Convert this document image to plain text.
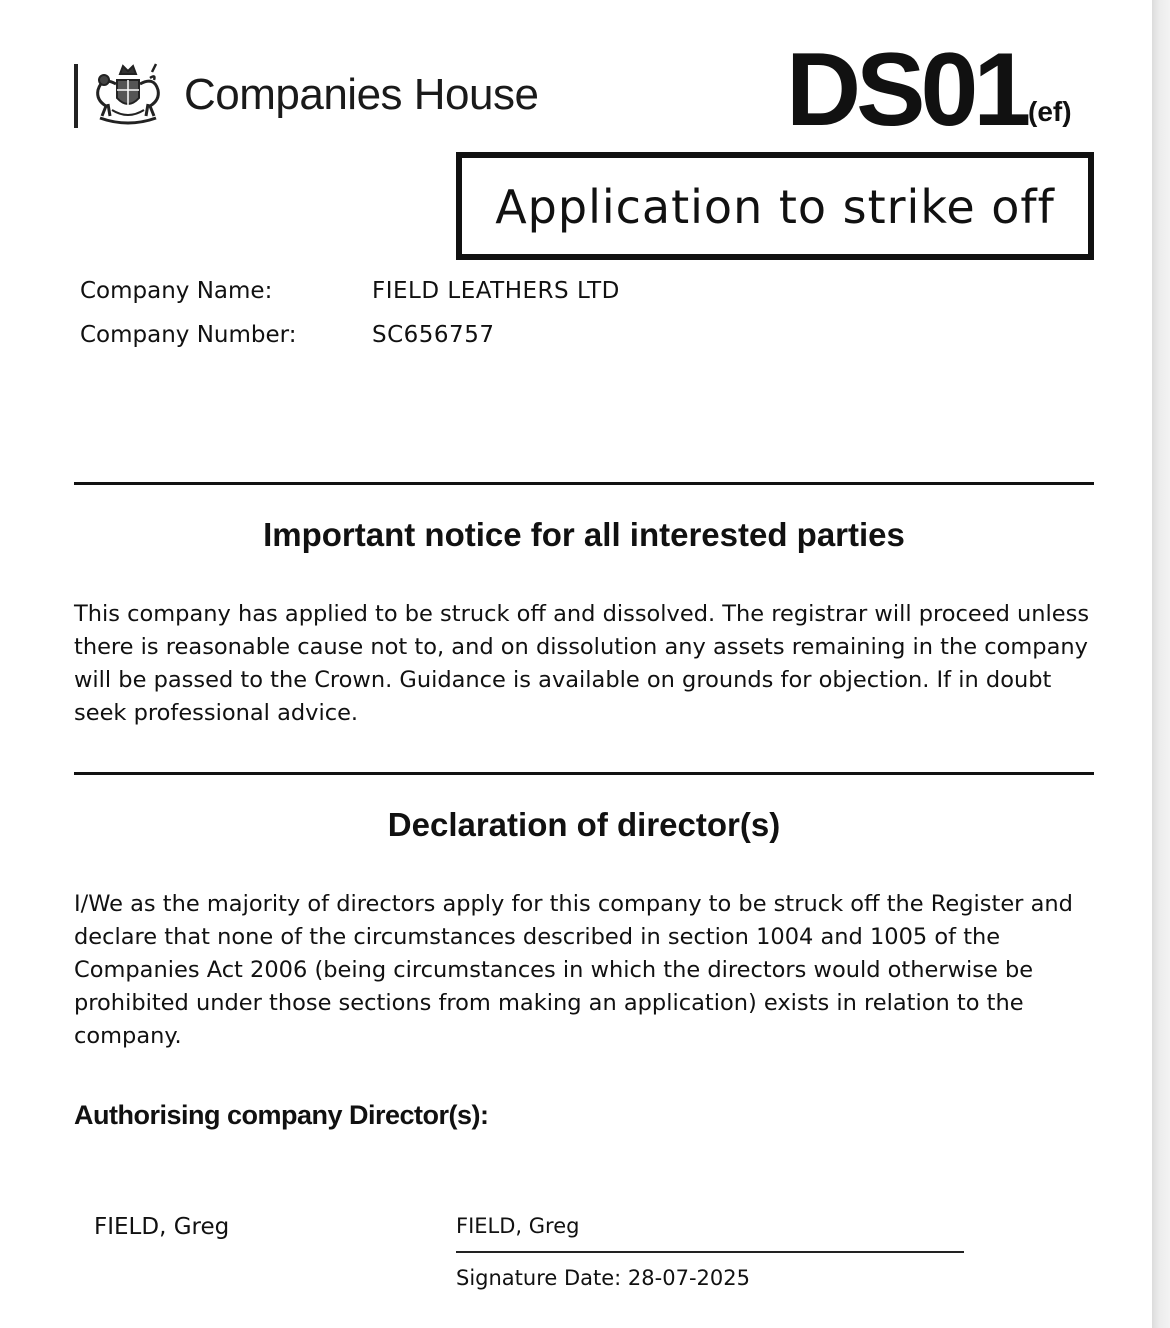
Companies House DS01 (ef)
Application to strike off
Company Name:	FIELD LEATHERS LTD
Company Number:	SC656757
Important notice for all interested parties
This company has applied to be struck off and dissolved. The registrar will proceed unless there is reasonable cause not to, and on dissolution any assets remaining in the company will be passed to the Crown. Guidance is available on grounds for objection. If in doubt seek professional advice.
Declaration of director(s)
I/We as the majority of directors apply for this company to be struck off the Register and declare that none of the circumstances described in section 1004 and 1005 of the Companies Act 2006 (being circumstances in which the directors would otherwise be prohibited under those sections from making an application) exists in relation to the company.
Authorising company Director(s):
FIELD, Greg	FIELD, Greg
Signature Date: 28-07-2025
